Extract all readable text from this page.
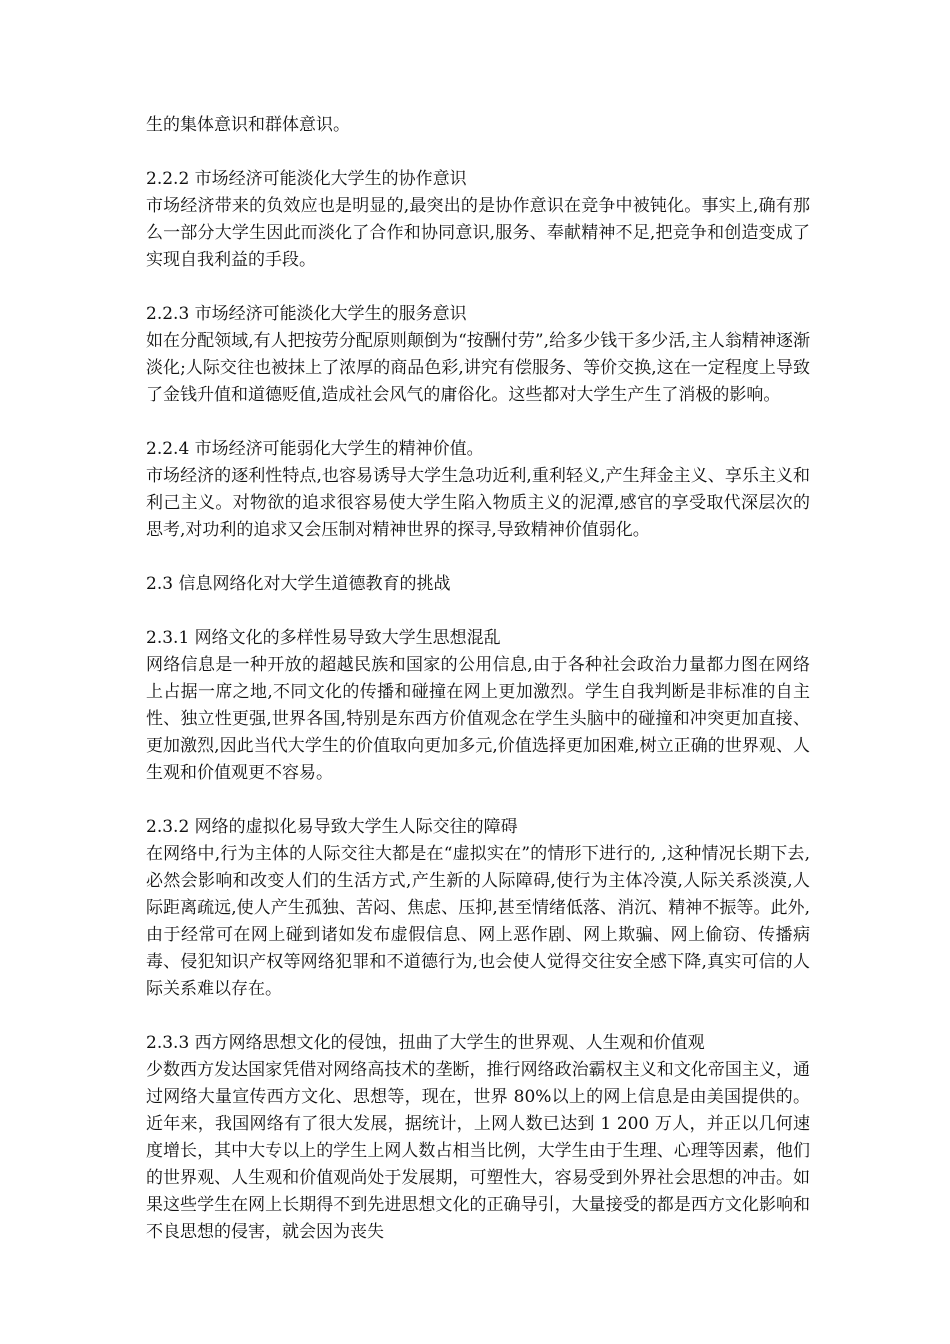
生的集体意识和群体意识。

2.2.2 市场经济可能淡化大学生的协作意识

市场经济带来的负效应也是明显的,最突出的是协作意识在竞争中被钝化。事实上,确有那么一部分大学生因此而淡化了合作和协同意识,服务、奉献精神不足,把竞争和创造变成了实现自我利益的手段。

2.2.3 市场经济可能淡化大学生的服务意识

如在分配领域,有人把按劳分配原则颠倒为“按酬付劳”,给多少钱干多少活,主人翁精神逐渐淡化;人际交往也被抹上了浓厚的商品色彩,讲究有偿服务、等价交换,这在一定程度上导致了金钱升值和道德贬值,造成社会风气的庸俗化。这些都对大学生产生了消极的影响。

2.2.4 市场经济可能弱化大学生的精神价值。

市场经济的逐利性特点,也容易诱导大学生急功近利,重利轻义,产生拜金主义、享乐主义和利己主义。对物欲的追求很容易使大学生陷入物质主义的泥潭,感官的享受取代深层次的思考,对功利的追求又会压制对精神世界的探寻,导致精神价值弱化。

2.3 信息网络化对大学生道德教育的挑战

2.3.1 网络文化的多样性易导致大学生思想混乱

网络信息是一种开放的超越民族和国家的公用信息,由于各种社会政治力量都力图在网络上占据一席之地,不同文化的传播和碰撞在网上更加激烈。学生自我判断是非标准的自主性、独立性更强,世界各国,特别是东西方价值观念在学生头脑中的碰撞和冲突更加直接、更加激烈,因此当代大学生的价值取向更加多元,价值选择更加困难,树立正确的世界观、人生观和价值观更不容易。

2.3.2 网络的虚拟化易导致大学生人际交往的障碍

在网络中,行为主体的人际交往大都是在“虚拟实在”的情形下进行的, ,这种情况长期下去,必然会影响和改变人们的生活方式,产生新的人际障碍,使行为主体冷漠,人际关系淡漠,人际距离疏远,使人产生孤独、苦闷、焦虑、压抑,甚至情绪低落、消沉、精神不振等。此外,由于经常可在网上碰到诸如发布虚假信息、网上恶作剧、网上欺骗、网上偷窃、传播病毒、侵犯知识产权等网络犯罪和不道德行为,也会使人觉得交往安全感下降,真实可信的人际关系难以存在。

2.3.3 西方网络思想文化的侵蚀，扭曲了大学生的世界观、人生观和价值观

少数西方发达国家凭借对网络高技术的垄断，推行网络政治霸权主义和文化帝国主义，通过网络大量宣传西方文化、思想等，现在，世界 80%以上的网上信息是由美国提供的。近年来，我国网络有了很大发展，据统计，上网人数已达到 1 200 万人，并正以几何速度增长，其中大专以上的学生上网人数占相当比例，大学生由于生理、心理等因素，他们的世界观、人生观和价值观尚处于发展期，可塑性大，容易受到外界社会思想的冲击。如果这些学生在网上长期得不到先进思想文化的正确导引，大量接受的都是西方文化影响和不良思想的侵害，就会因为丧失
